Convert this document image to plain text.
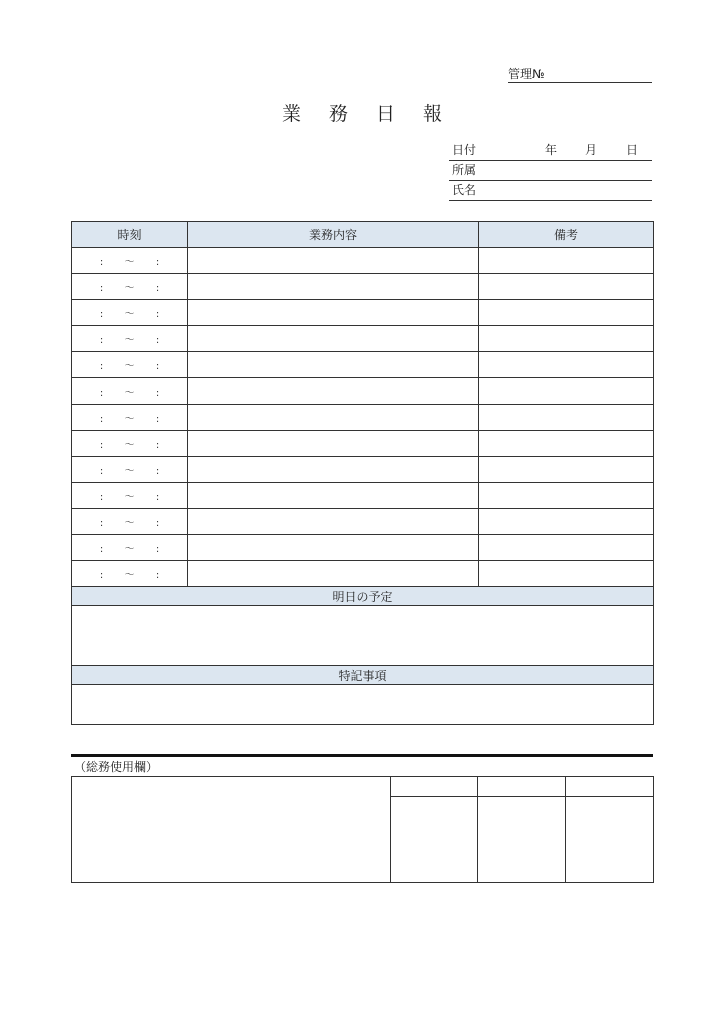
管理№
業 務 日 報
日付	年 月 日
所属
氏名
時刻	業務内容	備考
: ～ :		
: ～ :		
: ～ :		
: ～ :		
: ～ :		
: ～ :		
: ～ :		
: ～ :		
: ～ :		
: ～ :		
: ～ :		
: ～ :		
: ～ :		
明日の予定		

特記事項		

（総務使用欄）
